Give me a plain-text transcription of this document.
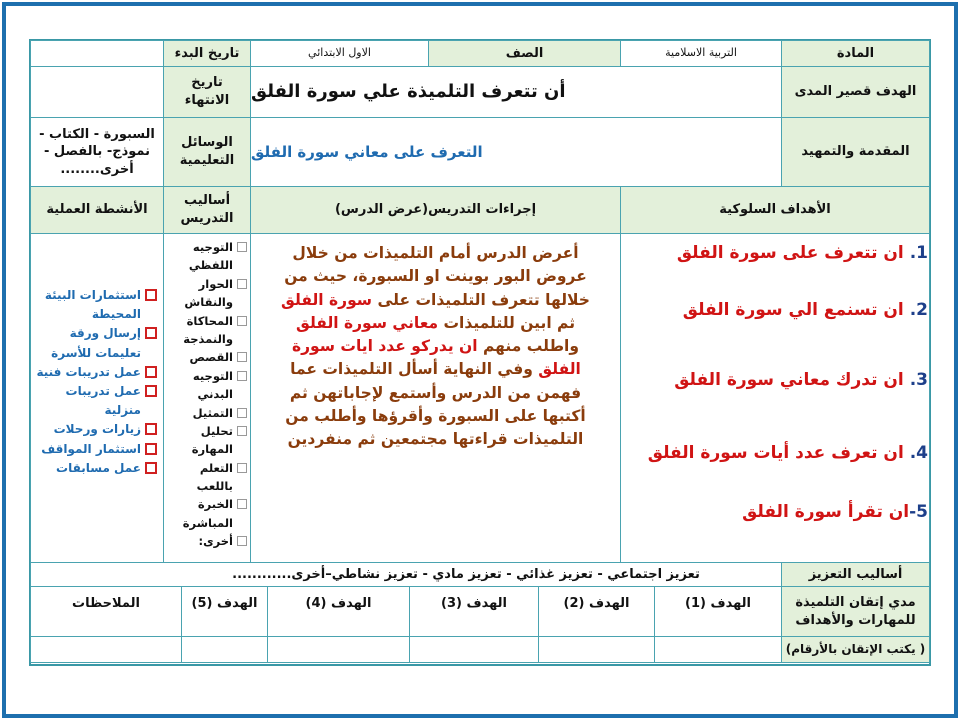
المادة
التربية الاسلامية
الصف
الاول الابتدائي
تاريخ البدء
الهدف قصير المدى
أن تتعرف التلميذة علي سورة الفلق
تاريخ الانتهاء
المقدمة والتمهيد
التعرف على معاني سورة الفلق
الوسائل التعليمية
السبورة - الكتاب - نموذج- بالفصل - أخرى........
الأهداف السلوكية
إجراءات التدريس(عرض الدرس)
أساليب التدريس
الأنشطة العملية
1. ان تتعرف على سورة الفلق
2. ان تسنمع الي سورة الفلق
3. ان تدرك معاني سورة الفلق
4. ان تعرف عدد أيات سورة الفلق
5-ان تقرأ سورة الفلق

أعرض الدرس أمام التلميذات من خلال عروض البور بوينت او السبورة، حيث من خلالها تتعرف التلميذات على سورة الفلق ثم ابين للتلميذات معاني سورة الفلق واطلب منهم ان يدركو عدد ايات سورة الفلق وفي النهاية أسأل التلميذات عما فهمن من الدرس وأستمع لإجاباتهن ثم أكتبها على السبورة وأقرؤها وأطلب من التلميذات قراءتها مجتمعين ثم منفردين

التوجيه اللفظي
الحوار والنقاش
المحاكاة والنمذجة
القصص
التوجيه البدني
التمثيل
تحليل المهارة
التعلم باللعب
الخبرة المباشرة
أخرى:
استثمارات البيئة المحيطة
إرسال ورقة تعليمات للأسرة
عمل تدريبات فنية
عمل تدريبات منزلية
زيارات ورحلات
استثمار المواقف
عمل مسابقات
أساليب التعزيز
تعزيز اجتماعي - تعزيز غذائي - تعزيز مادي - تعزيز نشاطي–أخرى............
مدي إتقان التلميذة للمهارات والأهداف
الهدف (1)
الهدف (2)
الهدف (3)
الهدف (4)
الهدف (5)
الملاحظات
( يكتب الإتقان بالأرقام)
